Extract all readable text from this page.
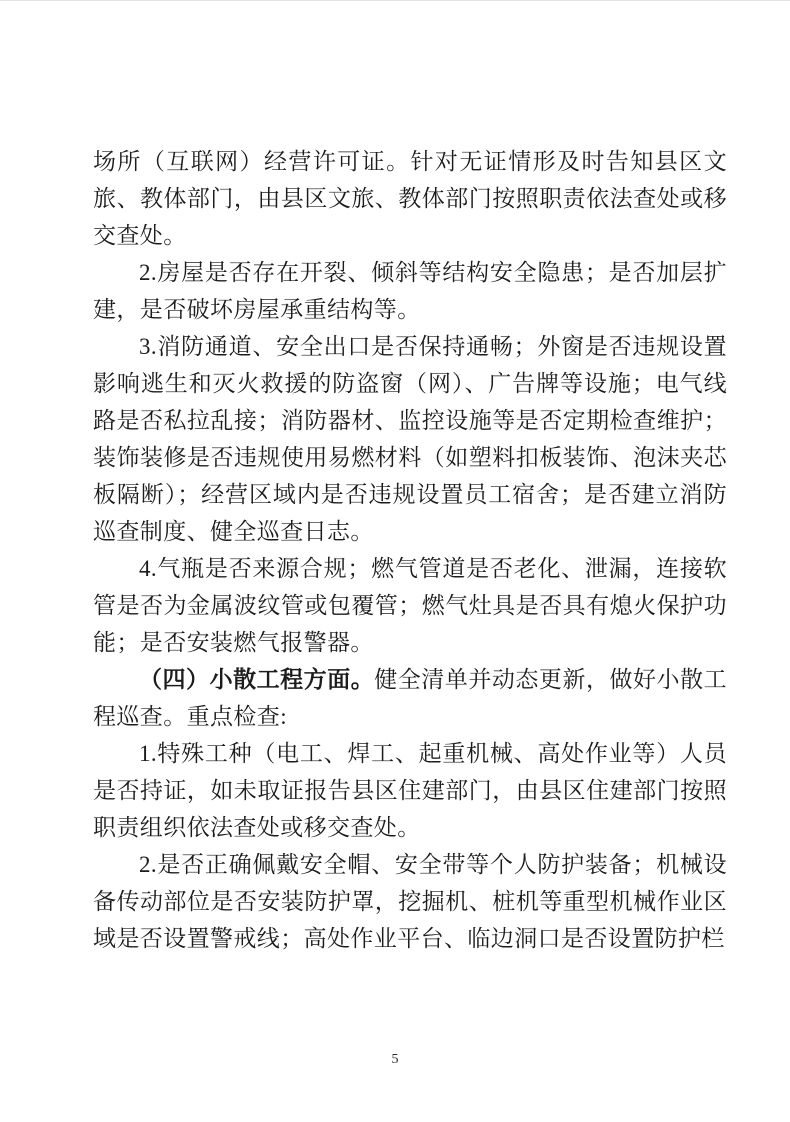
场所（互联网）经营许可证。针对无证情形及时告知县区文旅、教体部门，由县区文旅、教体部门按照职责依法查处或移交查处。

2.房屋是否存在开裂、倾斜等结构安全隐患；是否加层扩建，是否破坏房屋承重结构等。

3.消防通道、安全出口是否保持通畅；外窗是否违规设置影响逃生和灭火救援的防盗窗（网）、广告牌等设施；电气线路是否私拉乱接；消防器材、监控设施等是否定期检查维护；装饰装修是否违规使用易燃材料（如塑料扣板装饰、泡沫夹芯板隔断）；经营区域内是否违规设置员工宿舍；是否建立消防巡查制度、健全巡查日志。

4.气瓶是否来源合规；燃气管道是否老化、泄漏，连接软管是否为金属波纹管或包覆管；燃气灶具是否具有熄火保护功能；是否安装燃气报警器。

（四）小散工程方面。健全清单并动态更新，做好小散工程巡查。重点检查:

1.特殊工种（电工、焊工、起重机械、高处作业等）人员是否持证，如未取证报告县区住建部门，由县区住建部门按照职责组织依法查处或移交查处。

2.是否正确佩戴安全帽、安全带等个人防护装备；机械设备传动部位是否安装防护罩，挖掘机、桩机等重型机械作业区域是否设置警戒线；高处作业平台、临边洞口是否设置防护栏

5
